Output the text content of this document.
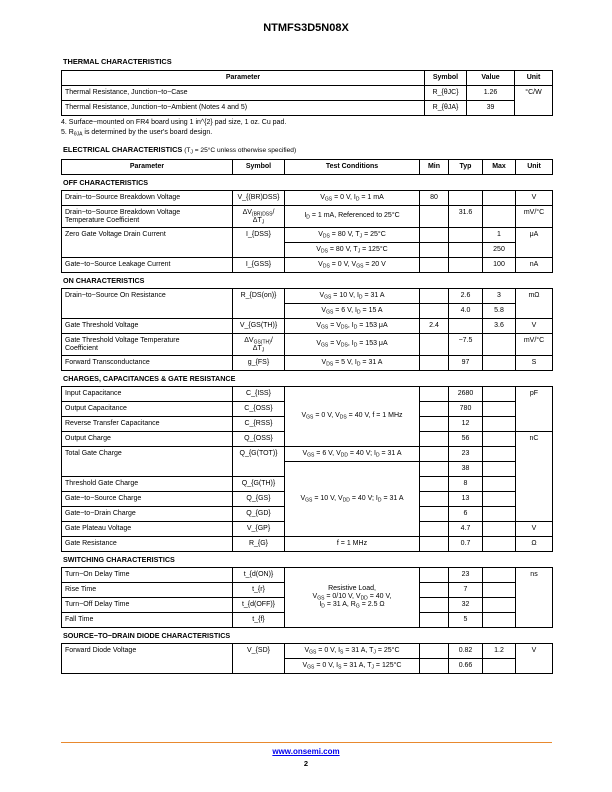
NTMFS3D5N08X
THERMAL CHARACTERISTICS
Parameter	Symbol	Value	Unit
Thermal Resistance, Junction−to−Case	R_{θJC}	1.26	°C/W
Thermal Resistance, Junction−to−Ambient (Notes 4 and 5)	R_{θJA}	39	
4. Surface−mounted on FR4 board using 1 in^{2} pad size, 1 oz. Cu pad.
5. $R_{\theta JA}$ is determined by the user's board design.
ELECTRICAL CHARACTERISTICS ($T_J = 25^\circ C$ unless otherwise specified)
Parameter	Symbol	Test Conditions	Min	Typ	Max	Unit
OFF CHARACTERISTICS
Drain−to−Source Breakdown Voltage	V_{(BR)DSS}	$V_{GS} = 0$ V, $I_D = 1$ mA	80			V
Drain−to−Source Breakdown Voltage
Temperature Coefficient	$\Delta V_{(BR)DSS}/$
$\Delta T_J$	$I_D = 1$ mA, Referenced to 25°C		31.6		mV/°C
Zero Gate Voltage Drain Current	I_{DSS}	$V_{DS} = 80$ V, $T_J = 25^\circ C$			1	μA
		$V_{DS} = 80$ V, $T_J = 125^\circ C$			250	
Gate−to−Source Leakage Current	I_{GSS}	$V_{DS} = 0$ V, $V_{GS} = 20$ V			100	nA
ON CHARACTERISTICS
Drain−to−Source On Resistance	R_{DS(on)}	$V_{GS} = 10$ V, $I_D = 31$ A		2.6	3	mΩ
		$V_{GS} = 6$ V, $I_D = 15$ A		4.0	5.8	
Gate Threshold Voltage	V_{GS(TH)}	$V_{GS} = V_{DS}$, $I_D = 153$ μA	2.4		3.6	V
Gate Threshold Voltage Temperature
Coefficient	$\Delta V_{GS(TH)}/$
$\Delta T_J$	$V_{GS} = V_{DS}$, $I_D = 153$ μA		−7.5		mV/°C
Forward Transconductance	g_{FS}	$V_{DS} = 5$ V, $I_D = 31$ A		97		S
CHARGES, CAPACITANCES & GATE RESISTANCE
Input Capacitance	C_{ISS}	$V_{GS} = 0$ V, $V_{DS} = 40$ V, f = 1 MHz		2680		pF
Output Capacitance	C_{OSS}			780		
Reverse Transfer Capacitance	C_{RSS}			12		
Output Charge	Q_{OSS}			56		nC
Total Gate Charge	Q_{G(TOT)}	$V_{GS} = 6$ V, $V_{DD} = 40$ V; $I_D = 31$ A		23		
		$V_{GS} = 10$ V, $V_{DD} = 40$ V; $I_D = 31$ A		38		
Threshold Gate Charge	Q_{G(TH)}			8		
Gate−to−Source Charge	Q_{GS}			13		
Gate−to−Drain Charge	Q_{GD}			6		
Gate Plateau Voltage	V_{GP}			4.7		V
Gate Resistance	R_{G}	f = 1 MHz		0.7		Ω
SWITCHING CHARACTERISTICS
Turn−On Delay Time	t_{d(ON)}	Resistive Load,
$V_{GS} = 0/10$ V, $V_{DD} = 40$ V,
$I_D = 31$ A, $R_G = 2.5$ Ω		23		ns
Rise Time	t_{r}			7		
Turn−Off Delay Time	t_{d(OFF)}			32		
Fall Time	t_{f}			5		
SOURCE−TO−DRAIN DIODE CHARACTERISTICS
Forward Diode Voltage	V_{SD}	$V_{GS} = 0$ V, $I_S = 31$ A, $T_J = 25^\circ C$		0.82	1.2	V
		$V_{GS} = 0$ V, $I_S = 31$ A, $T_J = 125^\circ C$		0.66		
www.onsemi.com
2
